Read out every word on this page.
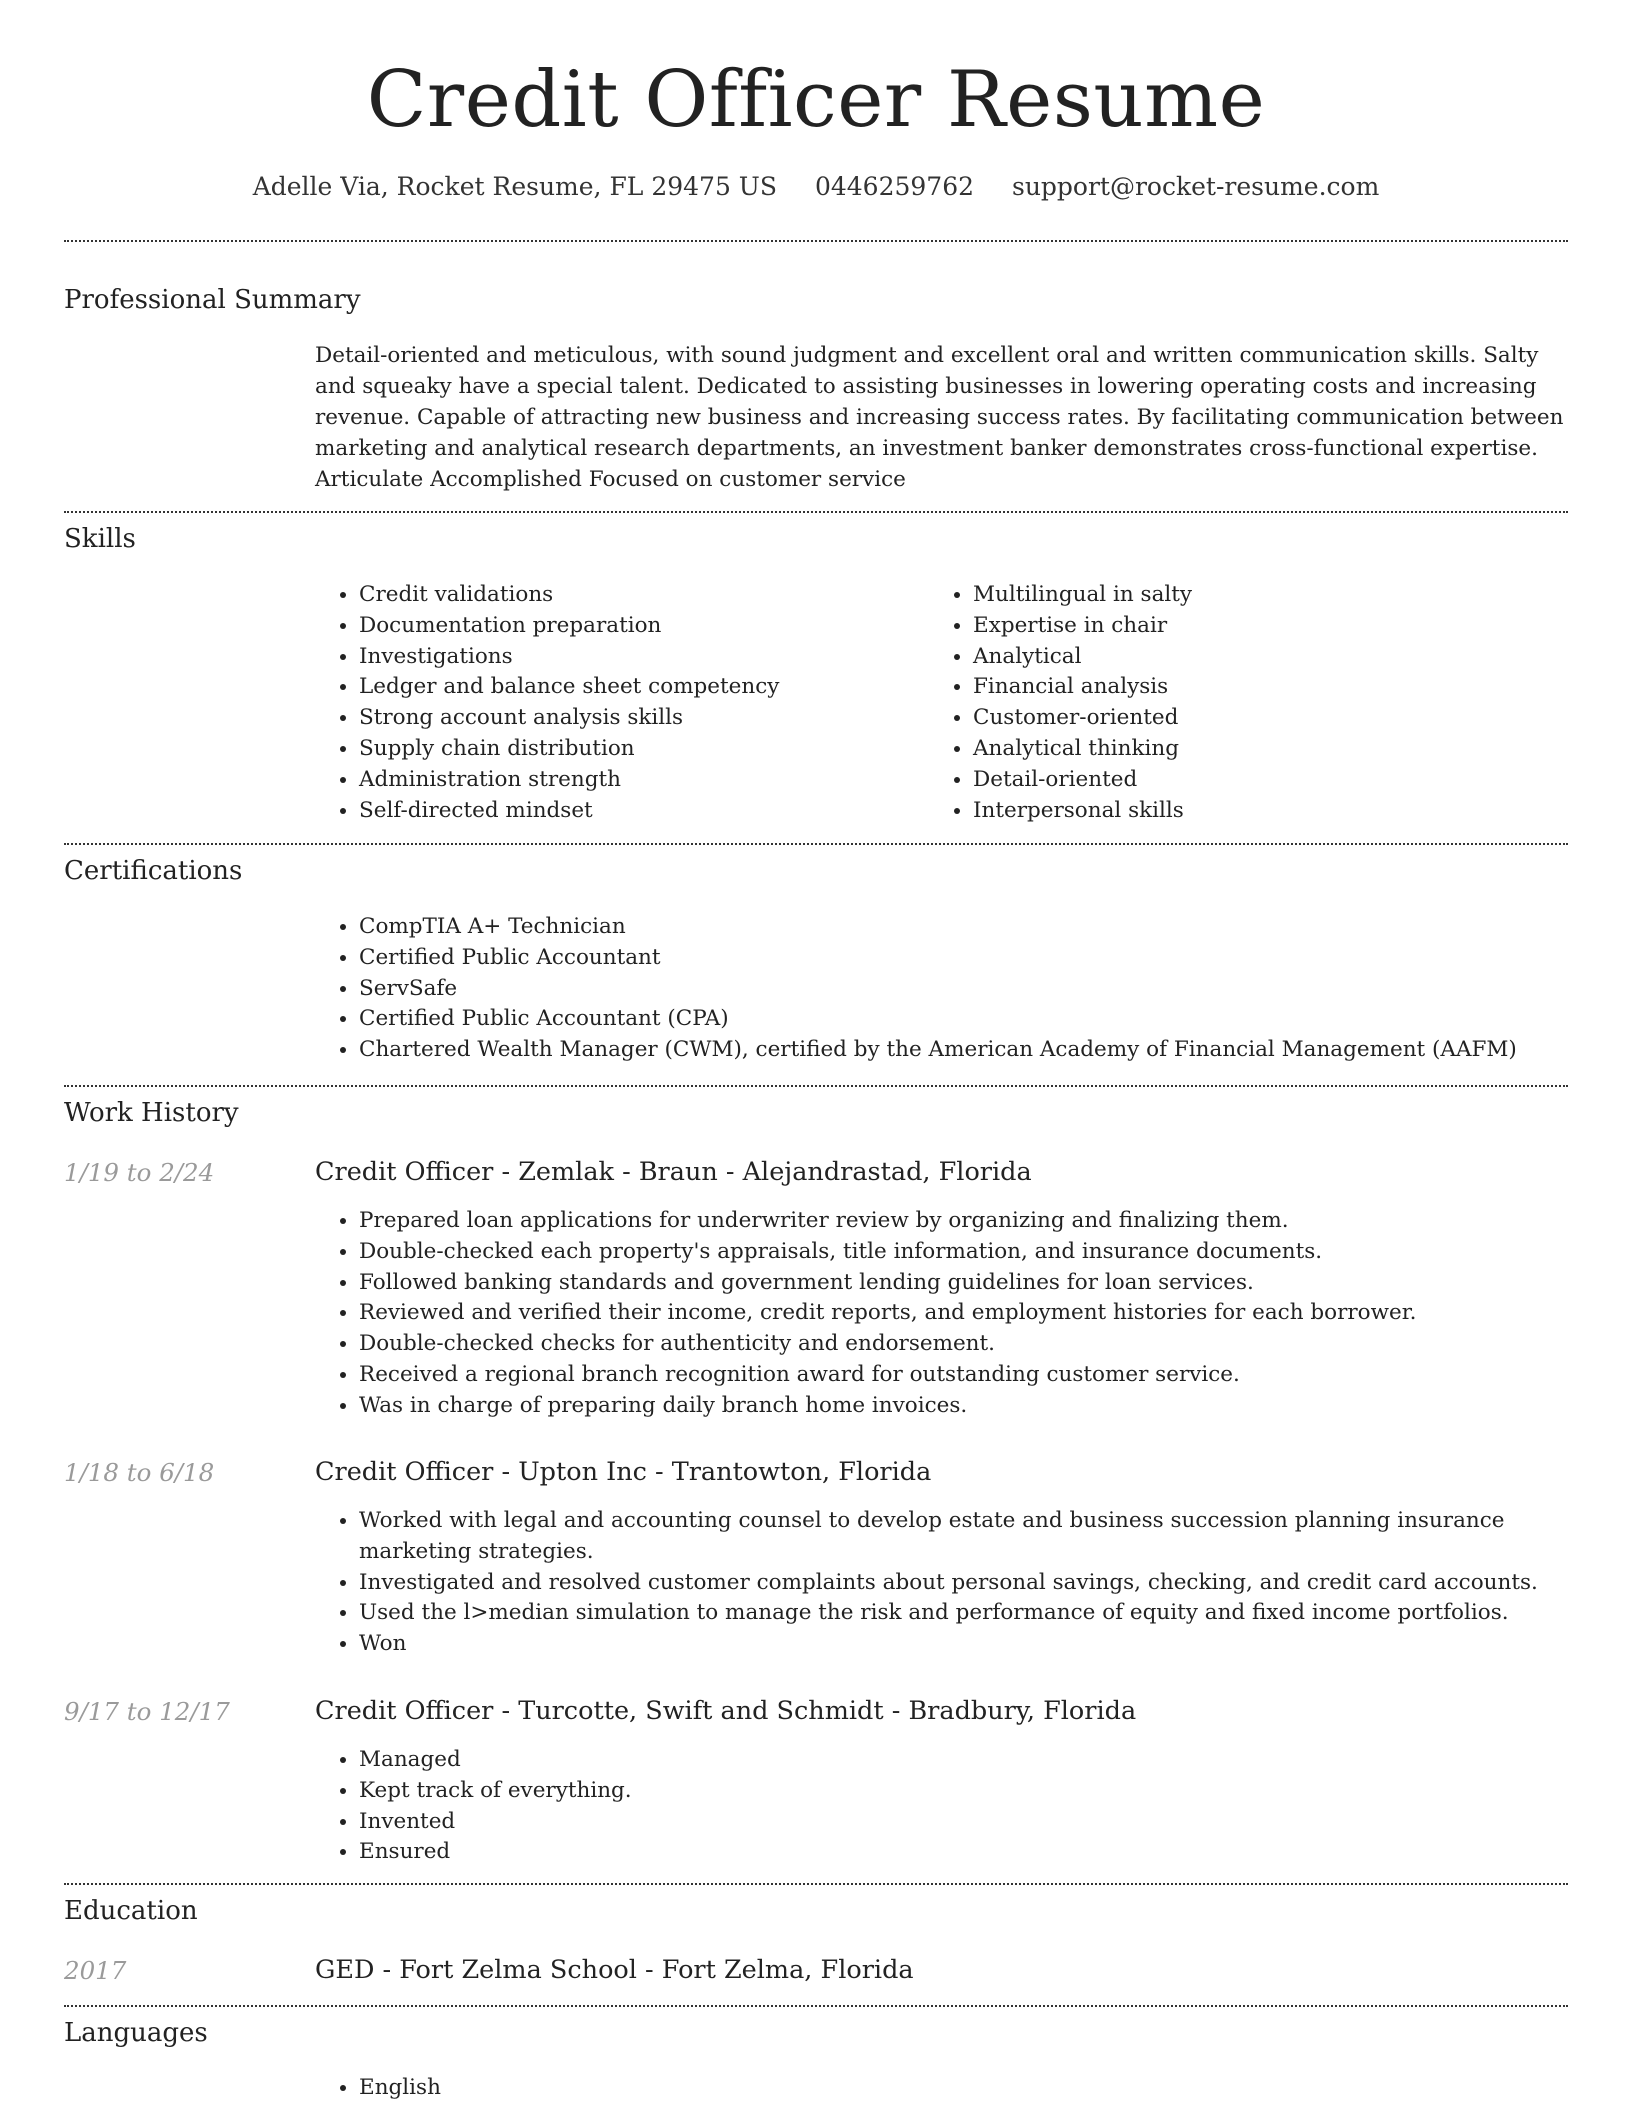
Credit Officer Resume
Adelle Via, Rocket Resume, FL 29475 US 0446259762 support@rocket-resume.com
Professional Summary
Detail-oriented and meticulous, with sound judgment and excellent oral and written communication skills. Salty and squeaky have a special talent. Dedicated to assisting businesses in lowering operating costs and increasing revenue. Capable of attracting new business and increasing success rates. By facilitating communication between marketing and analytical research departments, an investment banker demonstrates cross-functional expertise. Articulate Accomplished Focused on customer service
Skills
• Credit validations
• Documentation preparation
• Investigations
• Ledger and balance sheet competency
• Strong account analysis skills
• Supply chain distribution
• Administration strength
• Self-directed mindset
• Multilingual in salty
• Expertise in chair
• Analytical
• Financial analysis
• Customer-oriented
• Analytical thinking
• Detail-oriented
• Interpersonal skills
Certifications
• CompTIA A+ Technician
• Certified Public Accountant
• ServSafe
• Certified Public Accountant (CPA)
• Chartered Wealth Manager (CWM), certified by the American Academy of Financial Management (AAFM)
Work History
1/19 to 2/24	Credit Officer - Zemlak - Braun - Alejandrastad, Florida
• Prepared loan applications for underwriter review by organizing and finalizing them.
• Double-checked each property's appraisals, title information, and insurance documents.
• Followed banking standards and government lending guidelines for loan services.
• Reviewed and verified their income, credit reports, and employment histories for each borrower.
• Double-checked checks for authenticity and endorsement.
• Received a regional branch recognition award for outstanding customer service.
• Was in charge of preparing daily branch home invoices.
1/18 to 6/18	Credit Officer - Upton Inc - Trantowton, Florida
• Worked with legal and accounting counsel to develop estate and business succession planning insurance marketing strategies.
• Investigated and resolved customer complaints about personal savings, checking, and credit card accounts.
• Used the l>median simulation to manage the risk and performance of equity and fixed income portfolios.
• Won
9/17 to 12/17	Credit Officer - Turcotte, Swift and Schmidt - Bradbury, Florida
• Managed
• Kept track of everything.
• Invented
• Ensured
Education
2017	GED - Fort Zelma School - Fort Zelma, Florida
Languages
• English
